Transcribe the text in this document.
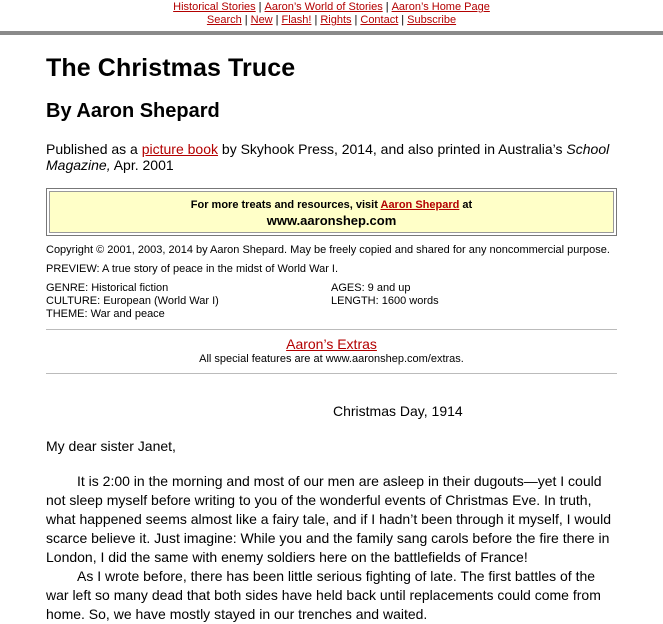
Historical Stories | Aaron’s World of Stories | Aaron’s Home Page
Search | New | Flash! | Rights | Contact | Subscribe
The Christmas Truce
By Aaron Shepard
Published as a picture book by Skyhook Press, 2014, and also printed in Australia’s School Magazine, Apr. 2001
For more treats and resources, visit Aaron Shepard at
www.aaronshep.com
Copyright © 2001, 2003, 2014 by Aaron Shepard. May be freely copied and shared for any noncommercial purpose.
PREVIEW: A true story of peace in the midst of World War I.
GENRE: Historical fiction	AGES: 9 and up
CULTURE: European (World War I)	LENGTH: 1600 words
THEME: War and peace
Aaron’s Extras
All special features are at www.aaronshep.com/extras.
Christmas Day, 1914
My dear sister Janet,

It is 2:00 in the morning and most of our men are asleep in their dugouts—yet I could not sleep myself before writing to you of the wonderful events of Christmas Eve. In truth, what happened seems almost like a fairy tale, and if I hadn’t been through it myself, I would scarce believe it. Just imagine: While you and the family sang carols before the fire there in London, I did the same with enemy soldiers here on the battlefields of France!

As I wrote before, there has been little serious fighting of late. The first battles of the war left so many dead that both sides have held back until replacements could come from home. So, we have mostly stayed in our trenches and waited.
